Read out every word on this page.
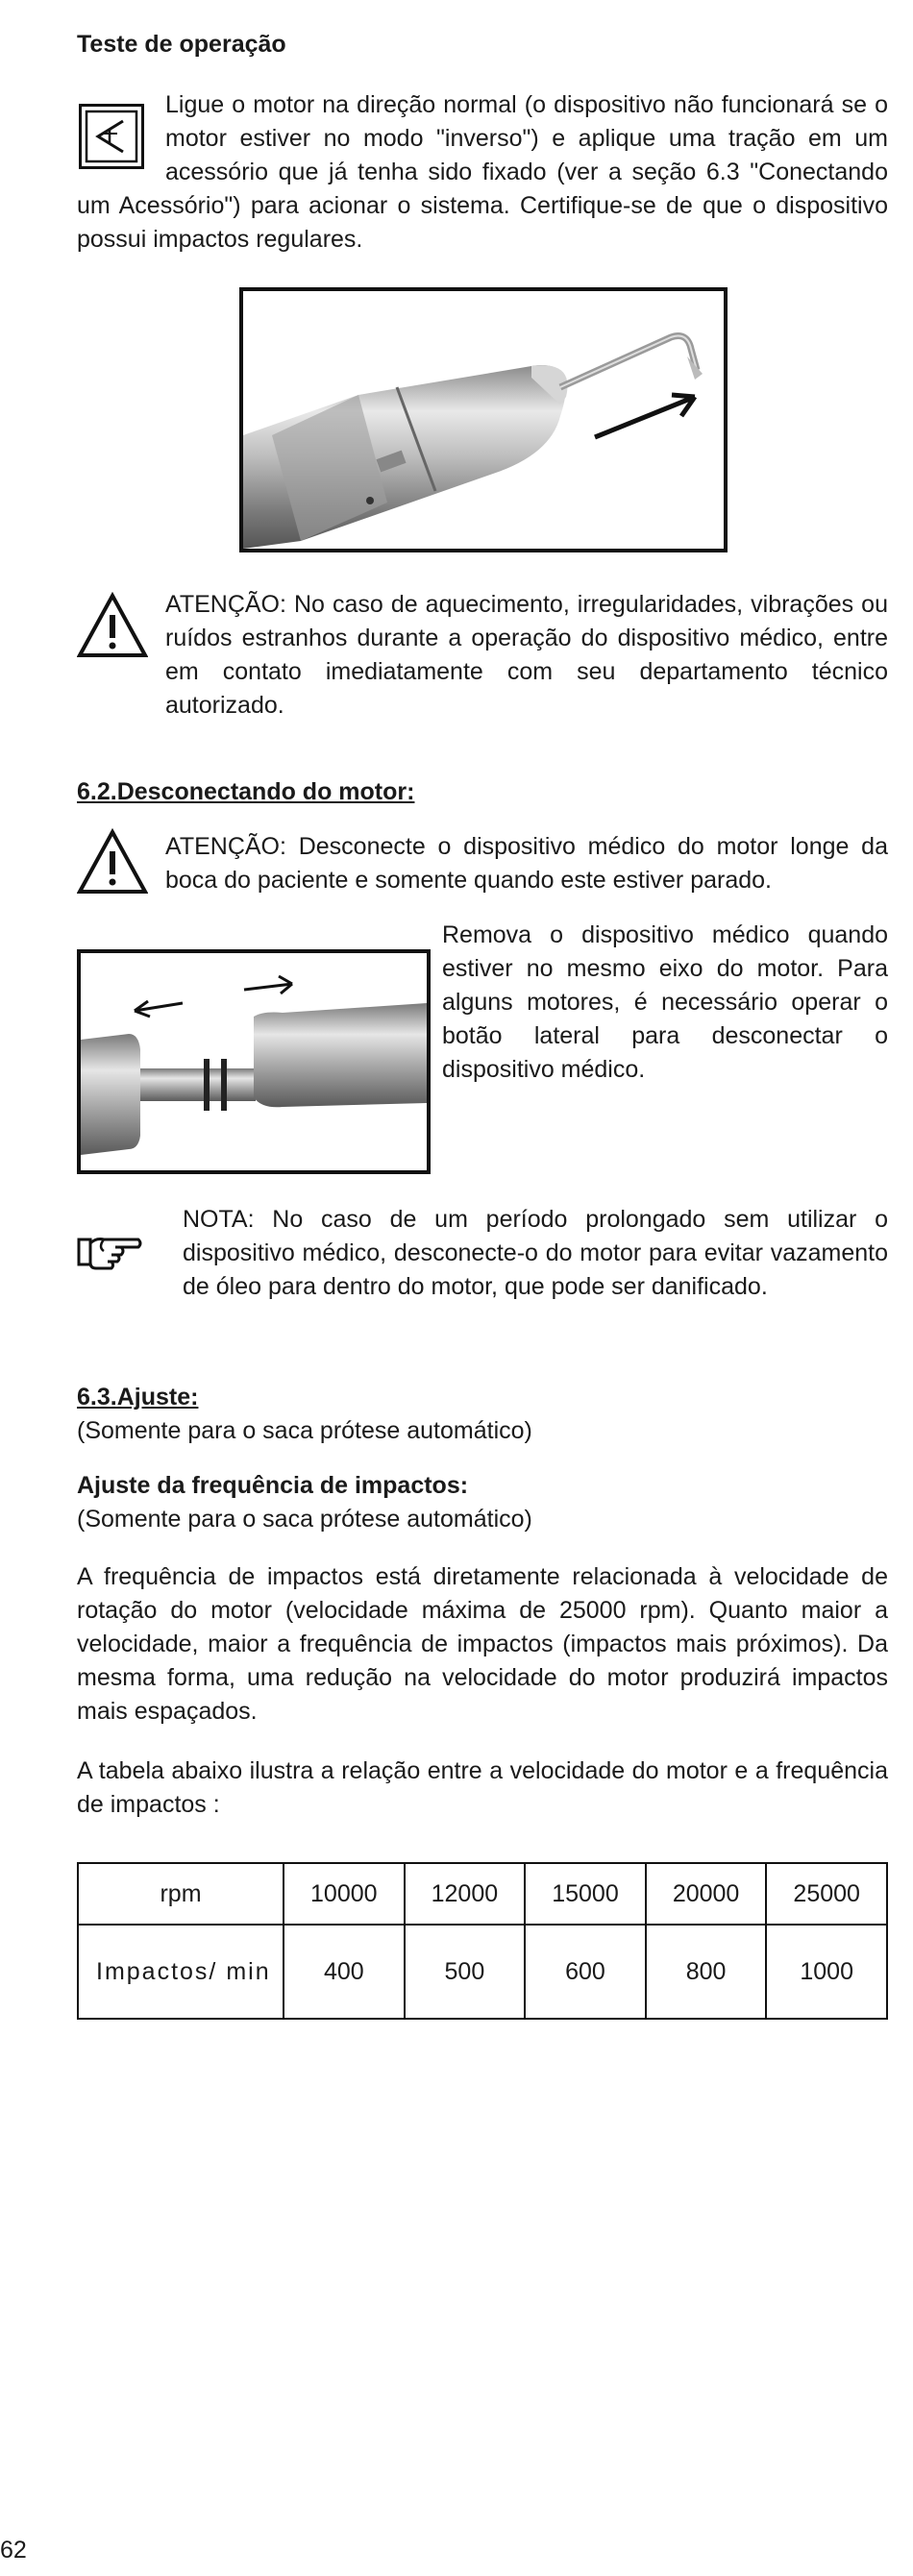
Teste de operação
Ligue o motor na direção normal (o dispositivo não funcionará se o motor estiver no modo "inverso") e aplique uma tração em um acessório que já tenha sido fixado (ver a seção 6.3 "Conectando um Acessório") para acionar o sistema. Certifique-se de que o dispositivo possui impactos regulares.
ATENÇÃO: No caso de aquecimento, irregularidades, vibrações ou ruídos estranhos durante a operação do dispositivo médico, entre em contato imediatamente com seu departamento técnico autorizado.
6.2.Desconectando do motor:
ATENÇÃO: Desconecte o dispositivo médico do motor longe da boca do paciente e somente quando este estiver parado.
Remova o dispositivo médico quando estiver no mesmo eixo do motor. Para alguns motores, é necessário operar o botão lateral para desconectar o dispositivo médico.
NOTA: No caso de um período prolongado sem utilizar o dispositivo médico, desconecte-o do motor para evitar vazamento de óleo para dentro do motor, que pode ser danificado.
6.3.Ajuste:
(Somente para o saca prótese automático)
Ajuste da frequência de impactos:
(Somente para o saca prótese automático)
A frequência de impactos está diretamente relacionada à velocidade de rotação do motor (velocidade máxima de 25000 rpm). Quanto maior a velocidade, maior a frequência de impactos (impactos mais próximos). Da mesma forma, uma redução na velocidade do motor produzirá impactos mais espaçados.
A tabela abaixo ilustra a relação entre a velocidade do motor e a frequência de impactos :
rpm	10000	12000	15000	20000	25000
Impactos/ min	400	500	600	800	1000
62
